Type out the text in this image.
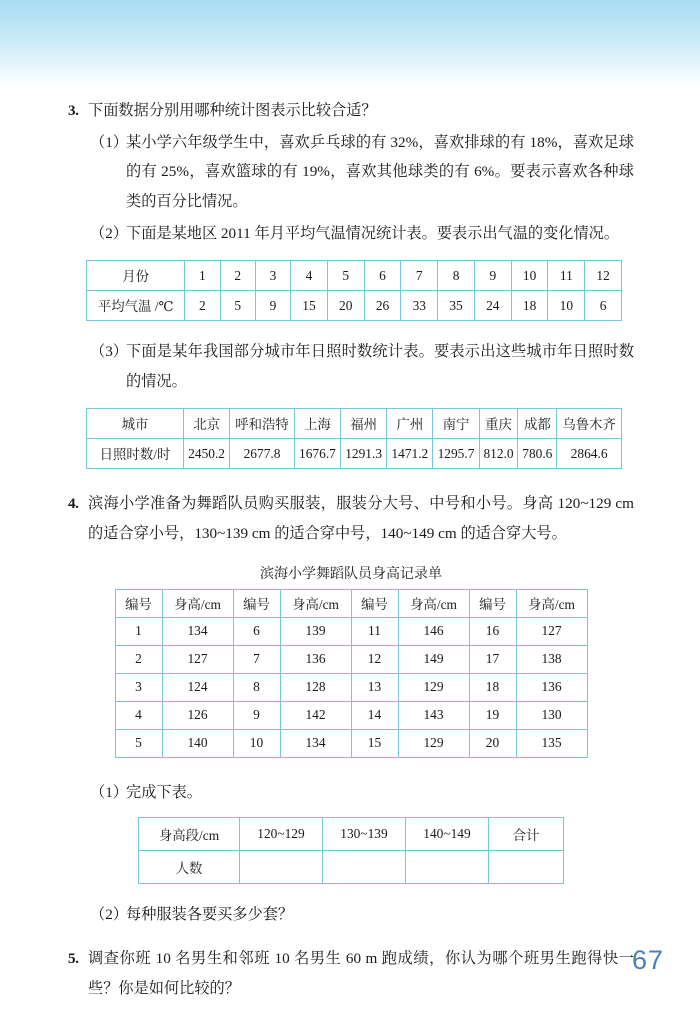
3. 下面数据分别用哪种统计图表示比较合适？
（1）
某小学六年级学生中，喜欢乒乓球的有 32%，喜欢排球的有 18%，喜欢足球的有 25%，喜欢篮球的有 19%，喜欢其他球类的有 6%。要表示喜欢各种球类的百分比情况。
（2）
下面是某地区 2011 年月平均气温情况统计表。要表示出气温的变化情况。
月份	1	2	3	4	5	6	7	8	9	10	11	12
平均气温 /℃	2	5	9	15	20	26	33	35	24	18	10	6
（3）
下面是某年我国部分城市年日照时数统计表。要表示出这些城市年日照时数的情况。
城市	北京	呼和浩特	上海	福州	广州	南宁	重庆	成都	乌鲁木齐
日照时数/时	2450.2	2677.8	1676.7	1291.3	1471.2	1295.7	812.0	780.6	2864.6
4. 滨海小学准备为舞蹈队员购买服装，服装分大号、中号和小号。身高 120~129 cm 的适合穿小号，130~139 cm 的适合穿中号，140~149 cm 的适合穿大号。
滨海小学舞蹈队员身高记录单
编号	身高/cm	编号	身高/cm	编号	身高/cm	编号	身高/cm
1	134	6	139	11	146	16	127
2	127	7	136	12	149	17	138
3	124	8	128	13	129	18	136
4	126	9	142	14	143	19	130
5	140	10	134	15	129	20	135
（1）
完成下表。
身高段/cm	120~129	130~139	140~149	合计
人数				
（2）
每种服装各要买多少套？
5. 调查你班 10 名男生和邻班 10 名男生 60 m 跑成绩，你认为哪个班男生跑得快一些？你是如何比较的？
67
